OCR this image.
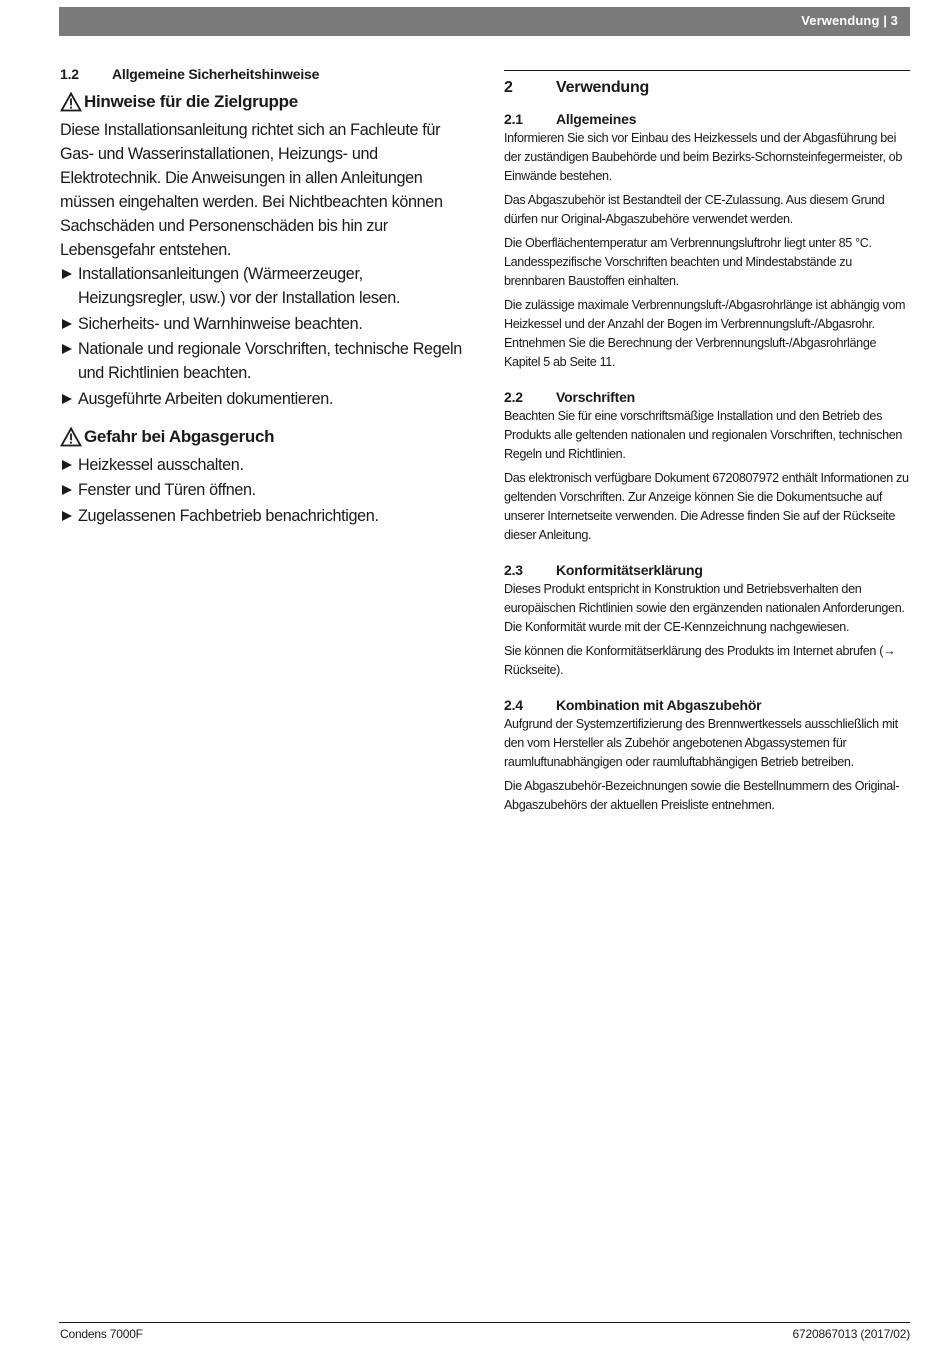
Verwendung | 3
1.2 Allgemeine Sicherheitshinweise
Hinweise für die Zielgruppe

Diese Installationsanleitung richtet sich an Fachleute für Gas- und Wasserinstallationen, Heizungs- und Elektrotechnik. Die Anweisungen in allen Anleitungen müssen eingehalten werden. Bei Nichtbeachten können Sachschäden und Personenschäden bis hin zur Lebensgefahr entstehen.

Installationsanleitungen (Wärmeerzeuger, Heizungsregler, usw.) vor der Installation lesen.
Sicherheits- und Warnhinweise beachten.
Nationale und regionale Vorschriften, technische Regeln und Richtlinien beachten.
Ausgeführte Arbeiten dokumentieren.
Gefahr bei Abgasgeruch
Heizkessel ausschalten.
Fenster und Türen öffnen.
Zugelassenen Fachbetrieb benachrichtigen.
2	Verwendung
2.1 Allgemeines

Informieren Sie sich vor Einbau des Heizkessels und der Abgasführung bei der zuständigen Baubehörde und beim Bezirks-Schornsteinfegermeister, ob Einwände bestehen.

Das Abgaszubehör ist Bestandteil der CE-Zulassung. Aus diesem Grund dürfen nur Original-Abgaszubehöre verwendet werden.

Die Oberflächentemperatur am Verbrennungsluftrohr liegt unter 85 °C. Landesspezifische Vorschriften beachten und Mindestabstände zu brennbaren Baustoffen einhalten.

Die zulässige maximale Verbrennungsluft-/Abgasrohrlänge ist abhängig vom Heizkessel und der Anzahl der Bogen im Verbrennungsluft-/Abgasrohr. Entnehmen Sie die Berechnung der Verbrennungsluft-/Abgasrohrlänge Kapitel 5 ab Seite 11.

2.2 Vorschriften

Beachten Sie für eine vorschriftsmäßige Installation und den Betrieb des Produkts alle geltenden nationalen und regionalen Vorschriften, technischen Regeln und Richtlinien.

Das elektronisch verfügbare Dokument 6720807972 enthält Informationen zu geltenden Vorschriften. Zur Anzeige können Sie die Dokumentsuche auf unserer Internetseite verwenden. Die Adresse finden Sie auf der Rückseite dieser Anleitung.

2.3 Konformitätserklärung

Dieses Produkt entspricht in Konstruktion und Betriebsverhalten den europäischen Richtlinien sowie den ergänzenden nationalen Anforderungen. Die Konformität wurde mit der CE-Kennzeichnung nachgewiesen.

Sie können die Konformitätserklärung des Produkts im Internet abrufen (→ Rückseite).

2.4 Kombination mit Abgaszubehör

Aufgrund der Systemzertifizierung des Brennwertkessels ausschließlich mit den vom Hersteller als Zubehör angebotenen Abgassystemen für raumluftunabhängigen oder raumluftabhängigen Betrieb betreiben.

Die Abgaszubehör-Bezeichnungen sowie die Bestellnummern des Original-Abgaszubehörs der aktuellen Preisliste entnehmen.

Condens 7000F	6720867013 (2017/02)
